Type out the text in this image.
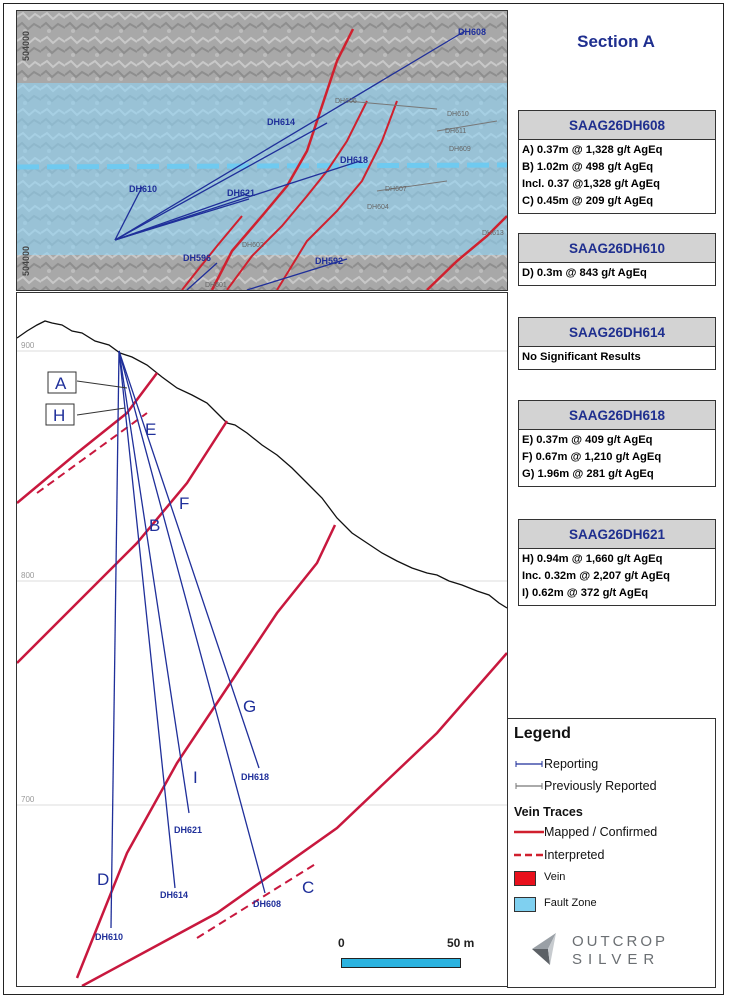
DH608
DH614
DH618
DH610	DH621
DH596	DH592
DH606
DH610
DH611
DH609
DH607
DH604
DH602
DH601
DH613
504000
504000
900
800
700
A
H
E
F
B
G
I
D	C
DH618
DH621
DH614
DH608
DH610
Section A
SAAG26DH608
A) 0.37m @ 1,328 g/t AgEq
B) 1.02m @ 498 g/t AgEq
Incl. 0.37 @1,328 g/t AgEq
C) 0.45m @ 209 g/t AgEq
SAAG26DH610
D) 0.3m @ 843 g/t AgEq
SAAG26DH614
No Significant Results
SAAG26DH618
E) 0.37m @ 409 g/t AgEq
F) 0.67m @ 1,210 g/t AgEq
G) 1.96m @ 281 g/t AgEq
SAAG26DH621
H) 0.94m @ 1,660 g/t AgEq
Inc. 0.32m @ 2,207 g/t AgEq
I) 0.62m @ 372 g/t AgEq
Legend
Reporting
Previously Reported
Vein Traces
Mapped / Confirmed
Interpreted
Vein
Fault Zone
OUTCROP
SILVER
0	50 m
